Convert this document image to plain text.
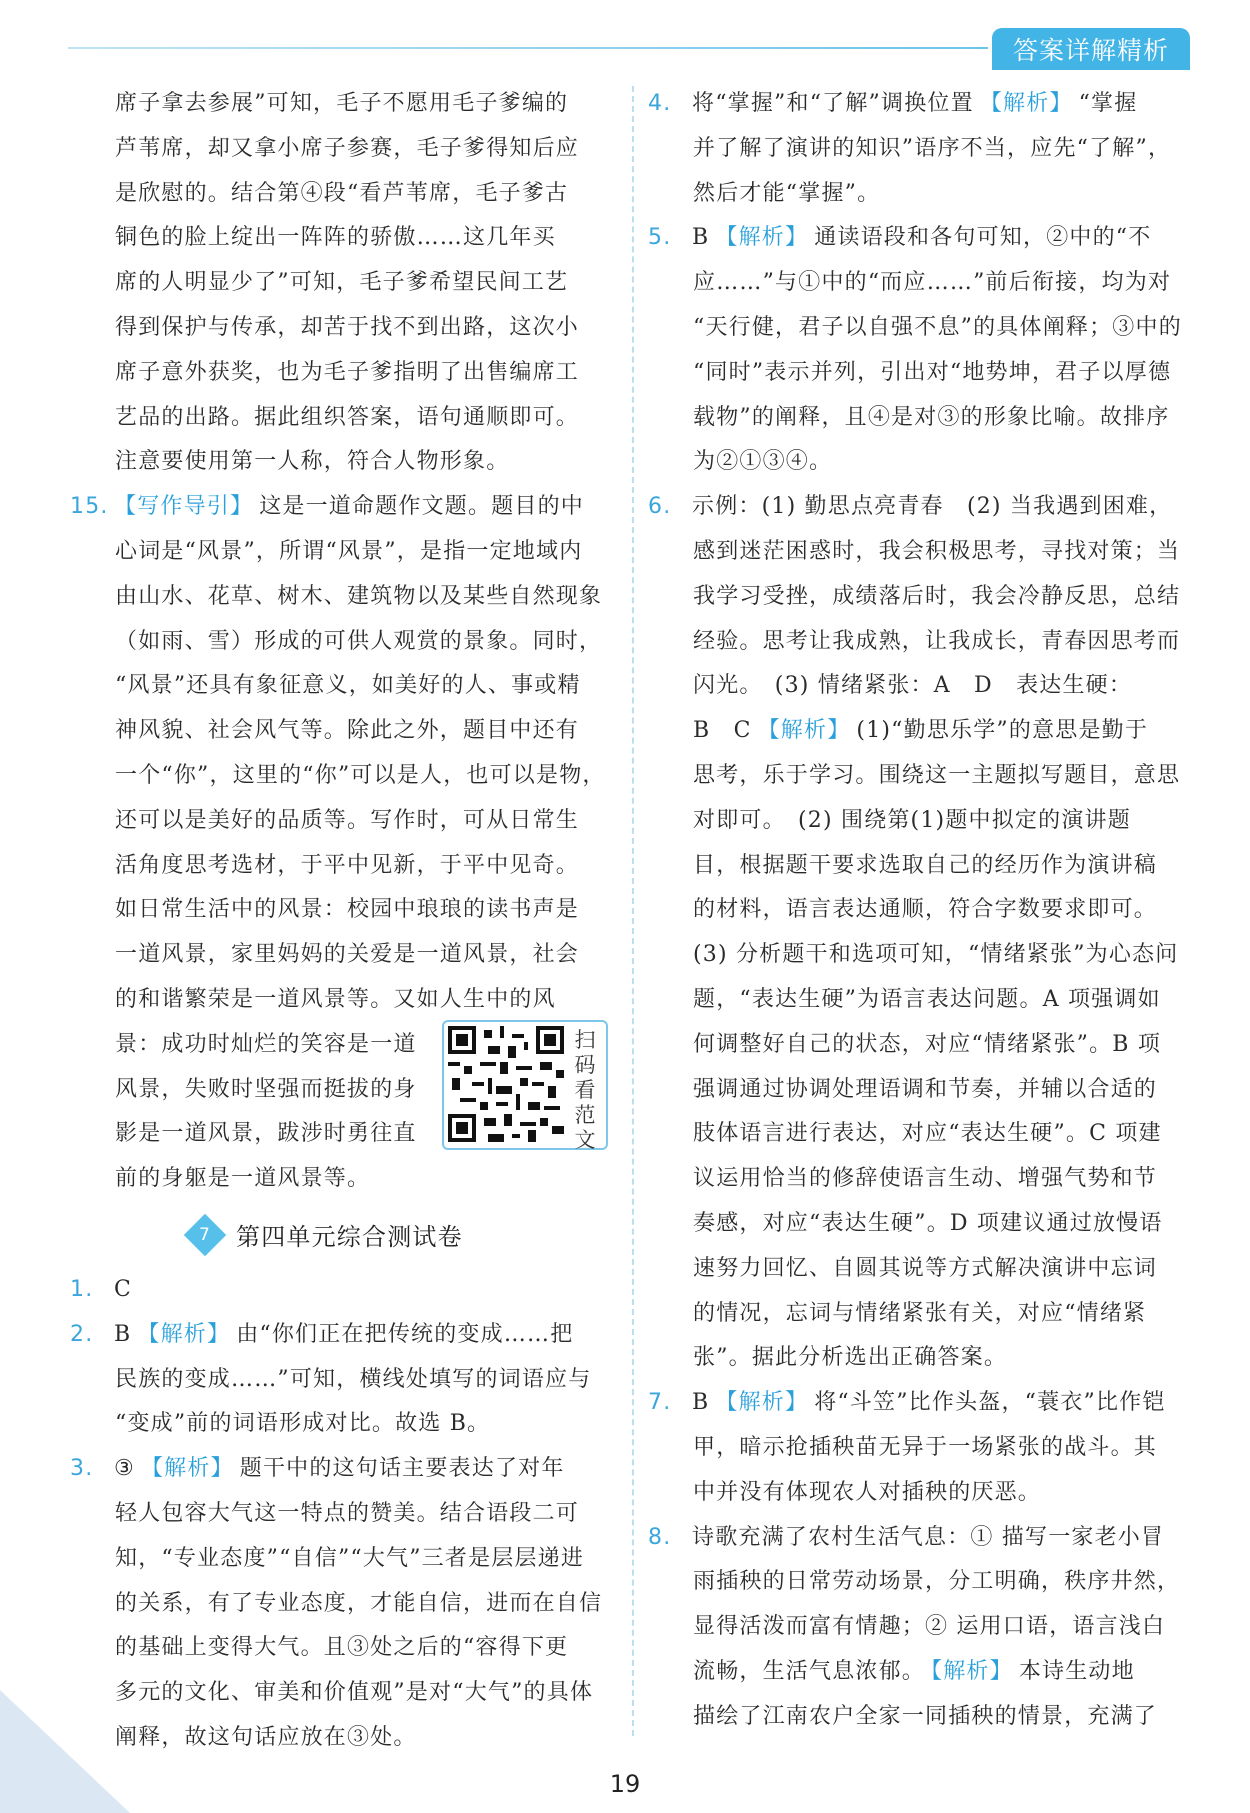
答案详解精析
席子拿去参展”可知，毛子不愿用毛子爹编的
芦苇席，却又拿小席子参赛，毛子爹得知后应
是欣慰的。结合第④段“看芦苇席，毛子爹古
铜色的脸上绽出一阵阵的骄傲……这几年买
席的人明显少了”可知，毛子爹希望民间工艺
得到保护与传承，却苦于找不到出路，这次小
席子意外获奖，也为毛子爹指明了出售编席工
艺品的出路。据此组织答案，语句通顺即可。
注意要使用第一人称，符合人物形象。
15. 【写作导引】 这是一道命题作文题。题目的中
心词是“风景”，所谓“风景”，是指一定地域内
由山水、花草、树木、建筑物以及某些自然现象
（如雨、雪）形成的可供人观赏的景象。同时，
“风景”还具有象征意义，如美好的人、事或精
神风貌、社会风气等。除此之外，题目中还有
一个“你”，这里的“你”可以是人，也可以是物，
还可以是美好的品质等。写作时，可从日常生
活角度思考选材，于平中见新，于平中见奇。
如日常生活中的风景：校园中琅琅的读书声是
一道风景，家里妈妈的关爱是一道风景，社会
的和谐繁荣是一道风景等。又如人生中的风
景：成功时灿烂的笑容是一道
风景，失败时坚强而挺拔的身
影是一道风景，跋涉时勇往直
前的身躯是一道风景等。
7 第四单元综合测试卷
1. C
2. B 【解析】 由“你们正在把传统的变成……把
民族的变成……”可知，横线处填写的词语应与
“变成”前的词语形成对比。故选 B。
3. ③ 【解析】 题干中的这句话主要表达了对年
轻人包容大气这一特点的赞美。结合语段二可
知，“专业态度”“自信”“大气”三者是层层递进
的关系，有了专业态度，才能自信，进而在自信
的基础上变得大气。且③处之后的“容得下更
多元的文化、审美和价值观”是对“大气”的具体
阐释，故这句话应放在③处。
扫
码
看
范
文
4. 将“掌握”和“了解”调换位置 【解析】 “掌握
并了解了演讲的知识”语序不当，应先“了解”，
然后才能“掌握”。
5. B 【解析】 通读语段和各句可知，②中的“不
应……”与①中的“而应……”前后衔接，均为对
“天行健，君子以自强不息”的具体阐释；③中的
“同时”表示并列，引出对“地势坤，君子以厚德
载物”的阐释，且④是对③的形象比喻。故排序
为②①③④。
6. 示例：(1) 勤思点亮青春　(2) 当我遇到困难，
感到迷茫困惑时，我会积极思考，寻找对策；当
我学习受挫，成绩落后时，我会冷静反思，总结
经验。思考让我成熟，让我成长，青春因思考而
闪光。　(3) 情绪紧张：A　D　表达生硬：
B　C 【解析】 (1)“勤思乐学”的意思是勤于
思考，乐于学习。围绕这一主题拟写题目，意思
对即可。　(2) 围绕第(1)题中拟定的演讲题
目，根据题干要求选取自己的经历作为演讲稿
的材料，语言表达通顺，符合字数要求即可。
(3) 分析题干和选项可知，“情绪紧张”为心态问
题，“表达生硬”为语言表达问题。A 项强调如
何调整好自己的状态，对应“情绪紧张”。B 项
强调通过协调处理语调和节奏，并辅以合适的
肢体语言进行表达，对应“表达生硬”。C 项建
议运用恰当的修辞使语言生动、增强气势和节
奏感，对应“表达生硬”。D 项建议通过放慢语
速努力回忆、自圆其说等方式解决演讲中忘词
的情况，忘词与情绪紧张有关，对应“情绪紧
张”。据此分析选出正确答案。
7. B 【解析】 将“斗笠”比作头盔，“蓑衣”比作铠
甲，暗示抢插秧苗无异于一场紧张的战斗。其
中并没有体现农人对插秧的厌恶。
8. 诗歌充满了农村生活气息：① 描写一家老小冒
雨插秧的日常劳动场景，分工明确，秩序井然，
显得活泼而富有情趣；② 运用口语，语言浅白
流畅，生活气息浓郁。 【解析】 本诗生动地
描绘了江南农户全家一同插秧的情景，充满了
19
